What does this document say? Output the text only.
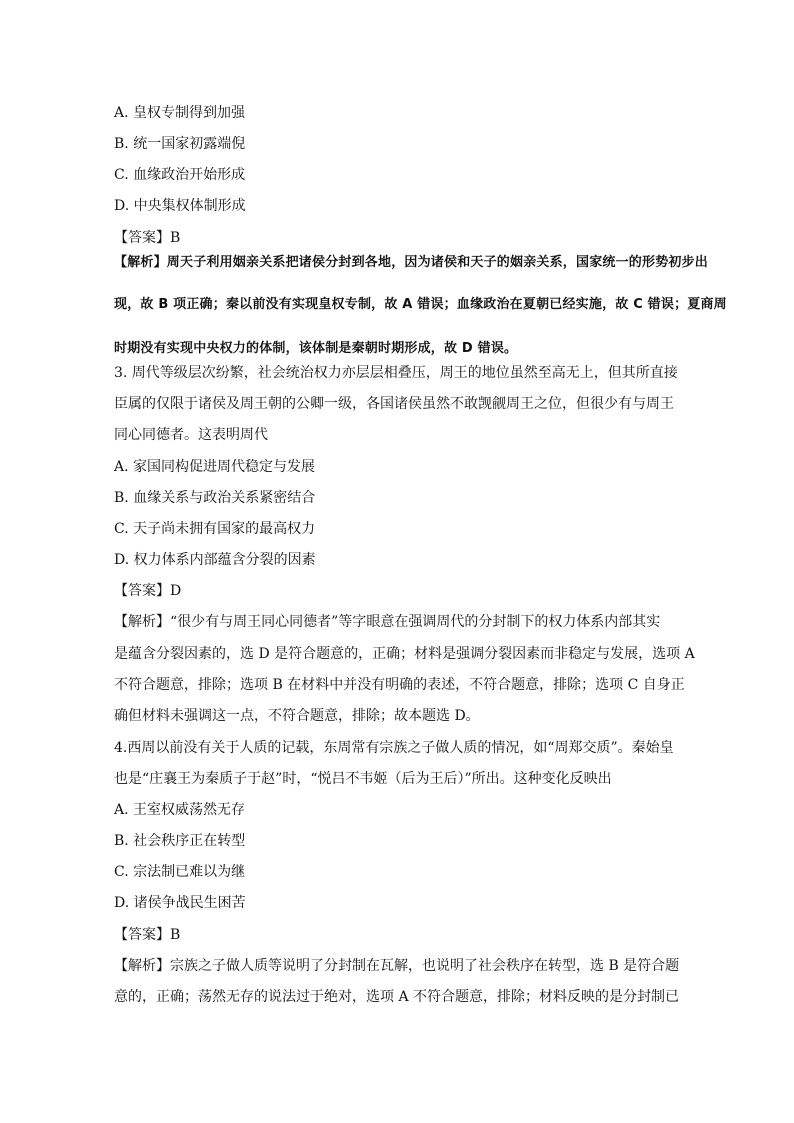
A. 皇权专制得到加强
B. 统一国家初露端倪
C. 血缘政治开始形成
D. 中央集权体制形成
【答案】B
【解析】周天子利用姻亲关系把诸侯分封到各地，因为诸侯和天子的姻亲关系，国家统一的形势初步出
现，故 B 项正确；秦以前没有实现皇权专制，故 A 错误；血缘政治在夏朝已经实施，故 C 错误；夏商周
时期没有实现中央权力的体制，该体制是秦朝时期形成，故 D 错误。
3. 周代等级层次纷繁，社会统治权力亦层层相叠压，周王的地位虽然至高无上，但其所直接
臣属的仅限于诸侯及周王朝的公卿一级，各国诸侯虽然不敢觊觎周王之位，但很少有与周王
同心同德者。这表明周代
A. 家国同构促进周代稳定与发展
B. 血缘关系与政治关系紧密结合
C. 天子尚未拥有国家的最高权力
D. 权力体系内部蕴含分裂的因素
【答案】D
【解析】“很少有与周王同心同德者”等字眼意在强调周代的分封制下的权力体系内部其实
是蕴含分裂因素的，选 D 是符合题意的，正确；材料是强调分裂因素而非稳定与发展，选项 A
不符合题意，排除；选项 B 在材料中并没有明确的表述，不符合题意，排除；选项 C 自身正
确但材料未强调这一点，不符合题意，排除；故本题选 D。
4.西周以前没有关于人质的记载，东周常有宗族之子做人质的情况，如“周郑交质”。秦始皇
也是“庄襄王为秦质子于赵”时，“悦吕不韦姬（后为王后）”所出。这种变化反映出
A. 王室权威荡然无存
B. 社会秩序正在转型
C. 宗法制已难以为继
D. 诸侯争战民生困苦
【答案】B
【解析】宗族之子做人质等说明了分封制在瓦解，也说明了社会秩序在转型，选 B 是符合题
意的，正确；荡然无存的说法过于绝对，选项 A 不符合题意，排除；材料反映的是分封制已
